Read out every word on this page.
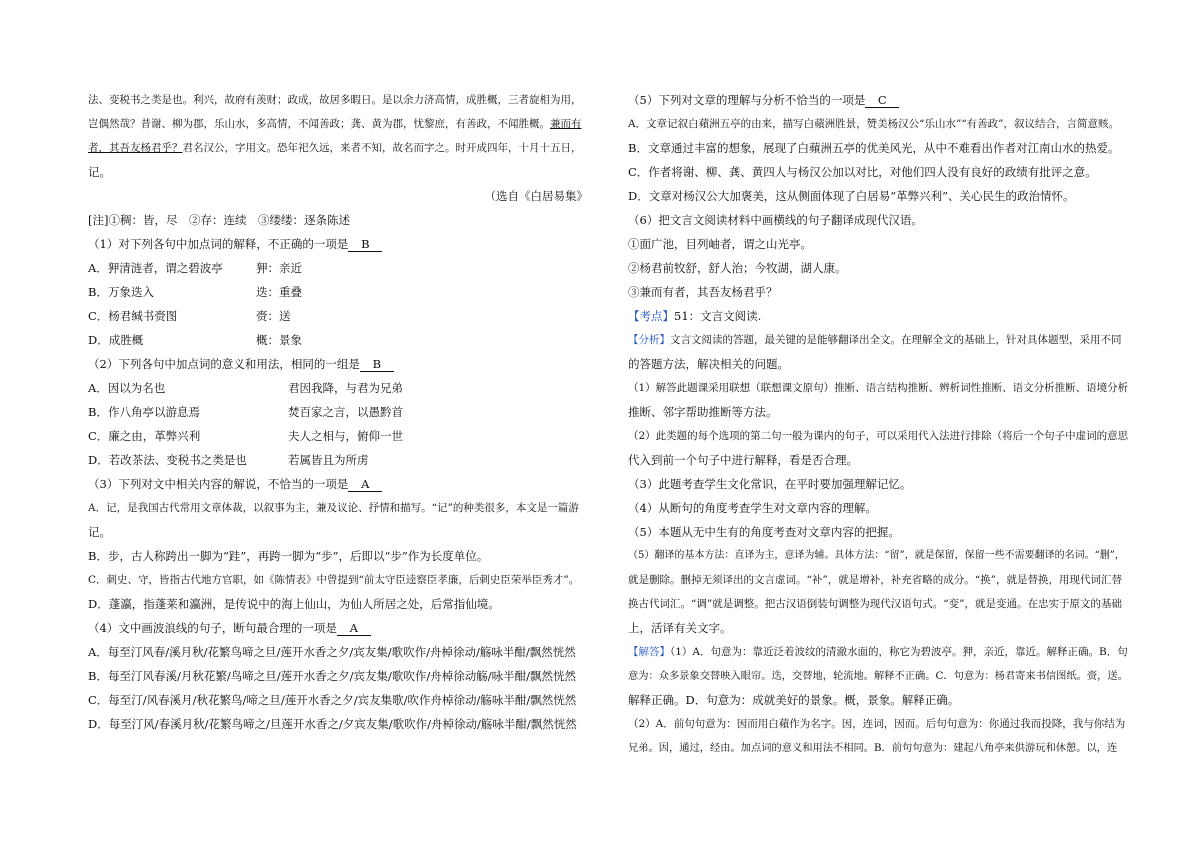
法、变税书之类是也。利兴，故府有羡财；政成，故居多暇日。是以余力济高情，成胜概，三者旋相为用，

岂偶然哉？昔谢、柳为郡，乐山水，多高情，不闻善政；龚、黄为郡，忧黎庶，有善政，不闻胜概。兼而有

者，其吾友杨君乎？君名汉公，字用文。恐年祀久远，来者不知，故名而字之。时开成四年，十月十五日，

记。

（选自《白居易集》

[注]①稠：皆，尽　②存：连续　③缕缕：逐条陈述

（1）对下列各句中加点词的解释，不正确的一项是 B

A．狎清涟者，谓之碧波亭	狎：亲近
B．万象迭入	迭：重叠
C．杨君缄书赍图	赍：送
D．成胜概	概：景象

（2）下列各句中加点词的意义和用法，相同的一组是 B

A．因以为名也	君因我降，与君为兄弟
B．作八角亭以游息焉	焚百家之言，以愚黔首
C．廉之由，革弊兴利	夫人之相与，俯仰一世
D．若改茶法、变税书之类是也	若属皆且为所虏

（3）下列对文中相关内容的解说，不恰当的一项是 A

A．记，是我国古代常用文章体裁，以叙事为主，兼及议论、抒情和描写。“记”的种类很多，本文是一篇游

记。

B．步，古人称跨出一脚为“跬”，再跨一脚为“步”，后即以“步”作为长度单位。

C．刺史、守，皆指古代地方官职，如《陈情表》中曾提到“前太守臣逵察臣孝廉，后刺史臣荣举臣秀才”。

D．蓬瀛，指蓬莱和瀛洲，是传说中的海上仙山，为仙人所居之处，后常指仙境。

（4）文中画波浪线的句子，断句最合理的一项是 A

A．每至汀风春/溪月秋/花繁鸟啼之旦/莲开水香之夕/宾友集/歌吹作/舟棹徐动/觞咏半酣/飘然恍然

B．每至汀风春溪/月秋花繁/鸟啼之旦/莲开水香之夕/宾友集/歌吹作/舟棹徐动觞/咏半酣/飘然恍然

C．每至汀/风春溪月/秋花繁鸟/啼之旦/莲开水香之夕/宾友集歌/吹作舟棹徐动/觞咏半酣/飘然恍然

D．每至汀风/春溪月秋/花繁鸟啼之/旦莲开水香之/夕宾友集/歌吹作/舟棹徐动/觞咏半酣/飘然恍然

（5）下列对文章的理解与分析不恰当的一项是 C

A．文章记叙白蘋洲五亭的由来，描写白蘋洲胜景，赞美杨汉公“乐山水”“有善政”，叙议结合，言简意赅。

B．文章通过丰富的想象，展现了白蘋洲五亭的优美风光，从中不难看出作者对江南山水的热爱。

C．作者将谢、柳、龚、黄四人与杨汉公加以对比，对他们四人没有良好的政绩有批评之意。

D．文章对杨汉公大加褒美，这从侧面体现了白居易“革弊兴利”、关心民生的政治情怀。

（6）把文言文阅读材料中画横线的句子翻译成现代汉语。

①面广池，目列岫者，谓之山光亭。

②杨君前牧舒，舒人治；今牧湖，湖人康。

③兼而有者，其吾友杨君乎？

【考点】51：文言文阅读.

【分析】文言文阅读的答题，最关键的是能够翻译出全文。在理解全文的基础上，针对具体题型，采用不同

的答题方法，解决相关的问题。

（1）解答此题课采用联想（联想课文原句）推断、语言结构推断、辨析词性推断、语文分析推断、语境分析

推断、邻字帮助推断等方法。

（2）此类题的每个选项的第二句一般为课内的句子，可以采用代入法进行排除（将后一个句子中虚词的意思

代入到前一个句子中进行解释，看是否合理。

（3）此题考查学生文化常识，在平时要加强理解记忆。

（4）从断句的角度考查学生对文章内容的理解。

（5）本题从无中生有的角度考查对文章内容的把握。

（5）翻译的基本方法：直译为主，意译为辅。具体方法：“留”，就是保留，保留一些不需要翻译的名词。“删”，

就是删除。删掉无须译出的文言虚词。“补”，就是增补，补充省略的成分。“换”，就是替换，用现代词汇替

换古代词汇。“调”就是调整。把古汉语倒装句调整为现代汉语句式。“变”，就是变通。在忠实于原文的基础

上，活译有关文字。

【解答】（1）A．句意为：靠近泛着波纹的清澈水面的，称它为碧波亭。狎，亲近，靠近。解释正确。B．句

意为：众多景象交替映入眼帘。迭，交替地，轮流地。解释不正确。C．句意为：杨君寄来书信图纸。赍，送。

解释正确。D．句意为：成就美好的景象。概，景象。解释正确。

（2）A．前句句意为：因而用白蘋作为名字。因，连词，因而。后句句意为：你通过我而投降，我与你结为

兄弟。因，通过，经由。加点词的意义和用法不相同。B．前句句意为：建起八角亭来供游玩和休憩。以，连
